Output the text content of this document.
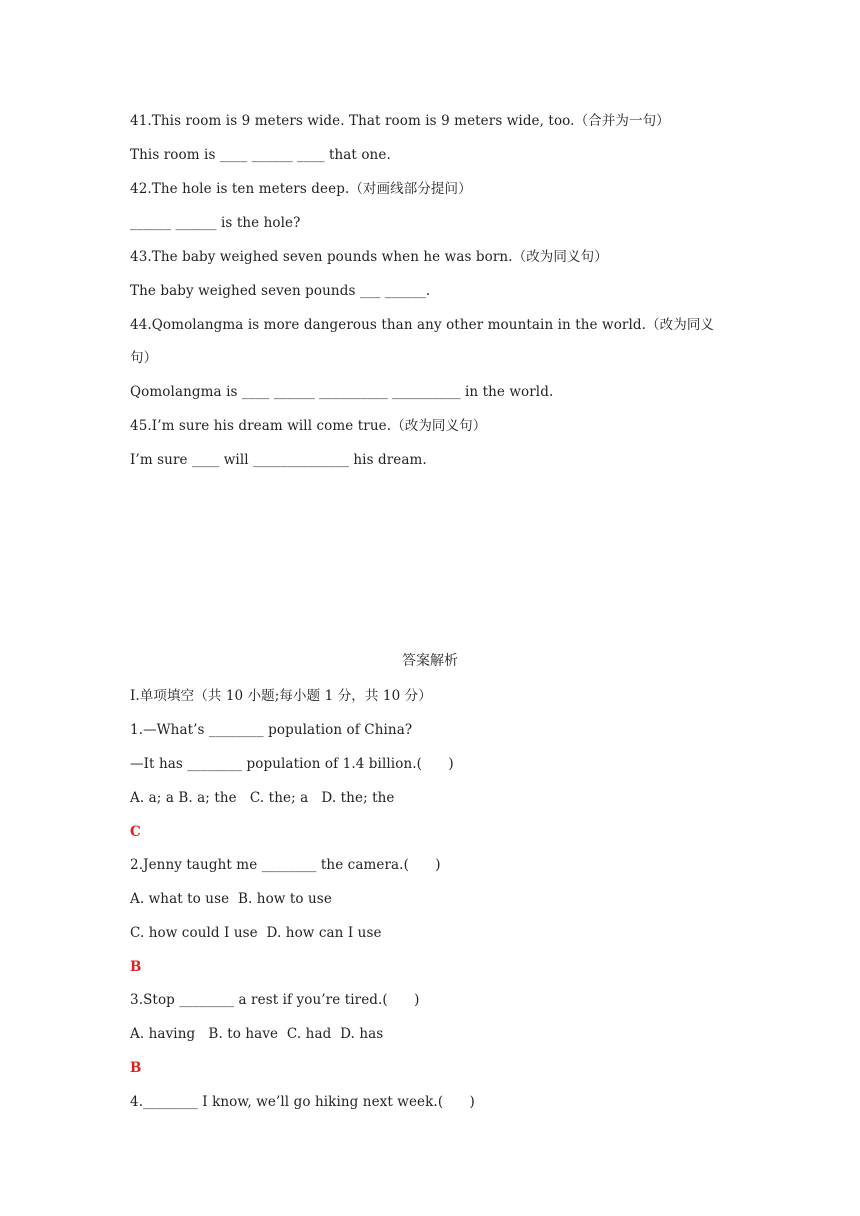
41.This room is 9 meters wide. That room is 9 meters wide, too.（合并为一句）
This room is ____ ______ ____ that one.
42.The hole is ten meters deep.（对画线部分提问）
______ ______ is the hole?
43.The baby weighed seven pounds when he was born.（改为同义句）
The baby weighed seven pounds ___ ______.
44.Qomolangma is more dangerous than any other mountain in the world.（改为同义
句）
Qomolangma is ____ ______ __________ __________ in the world.
45.I’m sure his dream will come true.（改为同义句）
I’m sure ____ will ______________ his dream.
答案解析
Ⅰ.单项填空（共 10 小题;每小题 1 分，共 10 分）
1.—What’s ________ population of China?
—It has ________ population of 1.4 billion.(      )
A. a; a B. a; the   C. the; a   D. the; the
C
2.Jenny taught me ________ the camera.(      )
A. what to use  B. how to use
C. how could I use  D. how can I use
B
3.Stop ________ a rest if you’re tired.(      )
A. having   B. to have  C. had  D. has
B
4.________ I know, we’ll go hiking next week.(      )
